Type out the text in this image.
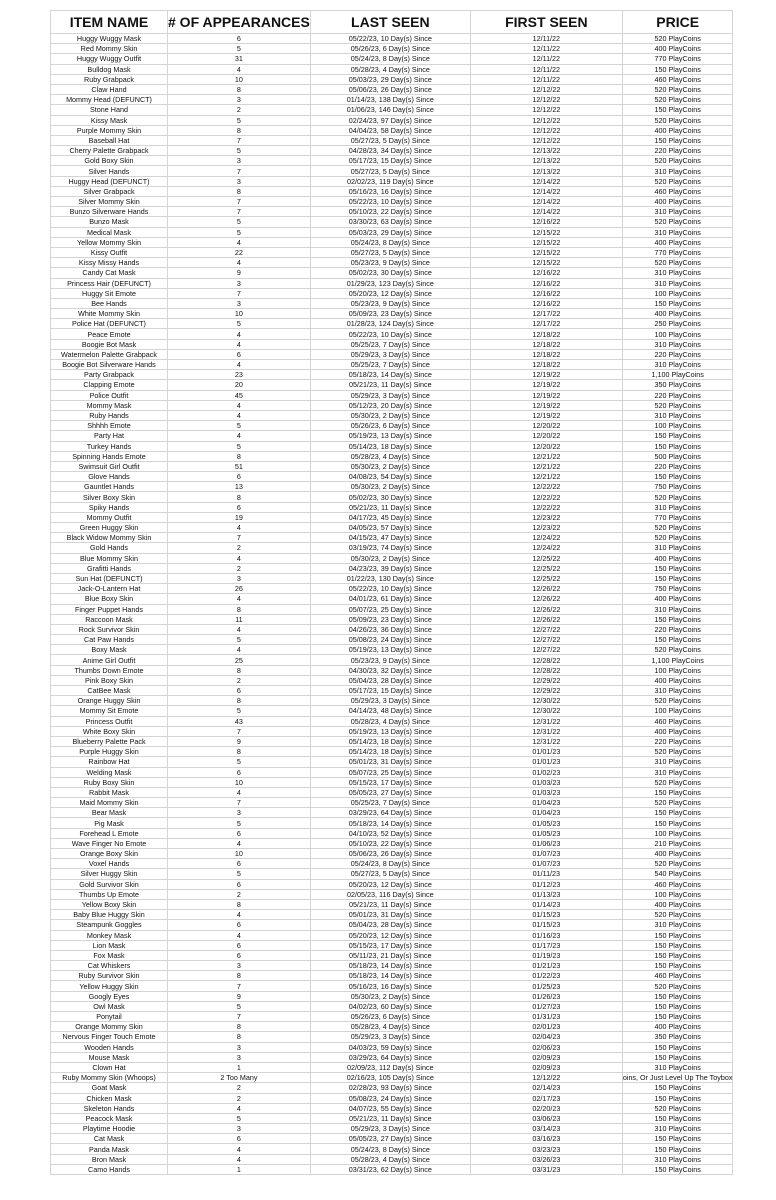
ITEM NAME	# OF APPEARANCES	LAST SEEN	FIRST SEEN	PRICE
Huggy Wuggy Mask	6	05/22/23, 10 Day(s) Since	12/11/22	520 PlayCoins
Red Mommy Skin	5	05/26/23, 6 Day(s) Since	12/11/22	400 PlayCoins
Huggy Wuggy Outfit	31	05/24/23, 8 Day(s) Since	12/11/22	770 PlayCoins
Bulldog Mask	4	05/28/23, 4 Day(s) Since	12/11/22	150 PlayCoins
Ruby Grabpack	10	05/03/23, 29 Day(s) Since	12/11/22	460 PlayCoins
Claw Hand	8	05/06/23, 26 Day(s) Since	12/12/22	520 PlayCoins
Mommy Head (DEFUNCT)	3	01/14/23, 138 Day(s) Since	12/12/22	520 PlayCoins
Stone Hand	2	01/06/23, 146 Day(s) Since	12/12/22	150 PlayCoins
Kissy Mask	5	02/24/23, 97 Day(s) Since	12/12/22	520 PlayCoins
Purple Mommy Skin	8	04/04/23, 58 Day(s) Since	12/12/22	400 PlayCoins
Baseball Hat	7	05/27/23, 5 Day(s) Since	12/12/22	150 PlayCoins
Cherry Palette Grabpack	5	04/28/23, 34 Day(s) Since	12/13/22	220 PlayCoins
Gold Boxy Skin	3	05/17/23, 15 Day(s) Since	12/13/22	520 PlayCoins
Silver Hands	7	05/27/23, 5 Day(s) Since	12/13/22	310 PlayCoins
Huggy Head (DEFUNCT)	3	02/02/23, 119 Day(s) Since	12/14/22	520 PlayCoins
Silver Grabpack	8	05/16/23, 16 Day(s) Since	12/14/22	460 PlayCoins
Silver Mommy Skin	7	05/22/23, 10 Day(s) Since	12/14/22	400 PlayCoins
Bunzo Silverware Hands	7	05/10/23, 22 Day(s) Since	12/14/22	310 PlayCoins
Bunzo Mask	5	03/30/23, 63 Day(s) Since	12/16/22	520 PlayCoins
Medical Mask	5	05/03/23, 29 Day(s) Since	12/15/22	310 PlayCoins
Yellow Mommy Skin	4	05/24/23, 8 Day(s) Since	12/15/22	400 PlayCoins
Kissy Outfit	22	05/27/23, 5 Day(s) Since	12/15/22	770 PlayCoins
Kissy Missy Hands	4	05/23/23, 9 Day(s) Since	12/15/22	520 PlayCoins
Candy Cat Mask	9	05/02/23, 30 Day(s) Since	12/16/22	310 PlayCoins
Princess Hair (DEFUNCT)	3	01/29/23, 123 Day(s) Since	12/16/22	310 PlayCoins
Huggy Sit Emote	7	05/20/23, 12 Day(s) Since	12/16/22	100 PlayCoins
Bee Hands	3	05/23/23, 9 Day(s) Since	12/16/22	150 PlayCoins
White Mommy Skin	10	05/09/23, 23 Day(s) Since	12/17/22	400 PlayCoins
Police Hat (DEFUNCT)	5	01/28/23, 124 Day(s) Since	12/17/22	250 PlayCoins
Peace Emote	4	05/22/23, 10 Day(s) Since	12/18/22	100 PlayCoins
Boogie Bot Mask	4	05/25/23, 7 Day(s) Since	12/18/22	310 PlayCoins
Watermelon Palette Grabpack	6	05/29/23, 3 Day(s) Since	12/18/22	220 PlayCoins
Boogie Bot Silverware Hands	4	05/25/23, 7 Day(s) Since	12/18/22	310 PlayCoins
Party Grabpack	23	05/18/23, 14 Day(s) Since	12/19/22	1,100 PlayCoins
Clapping Emote	20	05/21/23, 11 Day(s) Since	12/19/22	350 PlayCoins
Police Outfit	45	05/29/23, 3 Day(s) Since	12/19/22	220 PlayCoins
Mommy Mask	4	05/12/23, 20 Day(s) Since	12/19/22	520 PlayCoins
Ruby Hands	4	05/30/23, 2 Day(s) Since	12/19/22	310 PlayCoins
Shhhh Emote	5	05/26/23, 6 Day(s) Since	12/20/22	100 PlayCoins
Party Hat	4	05/19/23, 13 Day(s) Since	12/20/22	150 PlayCoins
Turkey Hands	5	05/14/23, 18 Day(s) Since	12/20/22	150 PlayCoins
Spinning Hands Emote	8	05/28/23, 4 Day(s) Since	12/21/22	500 PlayCoins
Swimsuit Girl Outfit	51	05/30/23, 2 Day(s) Since	12/21/22	220 PlayCoins
Glove Hands	6	04/08/23, 54 Day(s) Since	12/21/22	150 PlayCoins
Gauntlet Hands	13	05/30/23, 2 Day(s) Since	12/22/22	750 PlayCoins
Silver Boxy Skin	8	05/02/23, 30 Day(s) Since	12/22/22	520 PlayCoins
Spiky Hands	6	05/21/23, 11 Day(s) Since	12/22/22	310 PlayCoins
Mommy Outfit	19	04/17/23, 45 Day(s) Since	12/23/22	770 PlayCoins
Green Huggy Skin	4	04/05/23, 57 Day(s) Since	12/23/22	520 PlayCoins
Black Widow Mommy Skin	7	04/15/23, 47 Day(s) Since	12/24/22	520 PlayCoins
Gold Hands	2	03/19/23, 74 Day(s) Since	12/24/22	310 PlayCoins
Blue Mommy Skin	4	05/30/23, 2 Day(s) Since	12/25/22	400 PlayCoins
Grafitti Hands	2	04/23/23, 39 Day(s) Since	12/25/22	150 PlayCoins
Sun Hat (DEFUNCT)	3	01/22/23, 130 Day(s) Since	12/25/22	150 PlayCoins
Jack-O-Lantern Hat	26	05/22/23, 10 Day(s) Since	12/26/22	750 PlayCoins
Blue Boxy Skin	4	04/01/23, 61 Day(s) Since	12/26/22	400 PlayCoins
Finger Puppet Hands	8	05/07/23, 25 Day(s) Since	12/26/22	310 PlayCoins
Raccoon Mask	11	05/09/23, 23 Day(s) Since	12/26/22	150 PlayCoins
Rock Survivor Skin	4	04/26/23, 36 Day(s) Since	12/27/22	220 PlayCoins
Cat Paw Hands	5	05/08/23, 24 Day(s) Since	12/27/22	150 PlayCoins
Boxy Mask	4	05/19/23, 13 Day(s) Since	12/27/22	520 PlayCoins
Anime Girl Outfit	25	05/23/23, 9 Day(s) Since	12/28/22	1,100 PlayCoins
Thumbs Down Emote	8	04/30/23, 32 Day(s) Since	12/28/22	100 PlayCoins
Pink Boxy Skin	2	05/04/23, 28 Day(s) Since	12/29/22	400 PlayCoins
CatBee Mask	6	05/17/23, 15 Day(s) Since	12/29/22	310 PlayCoins
Orange Huggy Skin	8	05/29/23, 3 Day(s) Since	12/30/22	520 PlayCoins
Mommy Sit Emote	5	04/14/23, 48 Day(s) Since	12/30/22	100 PlayCoins
Princess Outfit	43	05/28/23, 4 Day(s) Since	12/31/22	460 PlayCoins
White Boxy Skin	7	05/19/23, 13 Day(s) Since	12/31/22	400 PlayCoins
Blueberry Palette Pack	9	05/14/23, 18 Day(s) Since	12/31/22	220 PlayCoins
Purple Huggy Skin	8	05/14/23, 18 Day(s) Since	01/01/23	520 PlayCoins
Rainbow Hat	5	05/01/23, 31 Day(s) Since	01/01/23	310 PlayCoins
Welding Mask	6	05/07/23, 25 Day(s) Since	01/02/23	310 PlayCoins
Ruby Boxy Skin	10	05/15/23, 17 Day(s) Since	01/03/23	520 PlayCoins
Rabbit Mask	4	05/05/23, 27 Day(s) Since	01/03/23	150 PlayCoins
Maid Mommy Skin	7	05/25/23, 7 Day(s) Since	01/04/23	520 PlayCoins
Bear Mask	3	03/29/23, 64 Day(s) Since	01/04/23	150 PlayCoins
Pig Mask	5	05/18/23, 14 Day(s) Since	01/05/23	150 PlayCoins
Forehead L Emote	6	04/10/23, 52 Day(s) Since	01/05/23	100 PlayCoins
Wave Finger No Emote	4	05/10/23, 22 Day(s) Since	01/06/23	210 PlayCoins
Orange Boxy Skin	10	05/06/23, 26 Day(s) Since	01/07/23	400 PlayCoins
Voxel Hands	6	05/24/23, 8 Day(s) Since	01/07/23	520 PlayCoins
Silver Huggy Skin	5	05/27/23, 5 Day(s) Since	01/11/23	540 PlayCoins
Gold Survivor Skin	6	05/20/23, 12 Day(s) Since	01/12/23	460 PlayCoins
Thumbs Up Emote	2	02/05/23, 116 Day(s) Since	01/13/23	100 PlayCoins
Yellow Boxy Skin	8	05/21/23, 11 Day(s) Since	01/14/23	400 PlayCoins
Baby Blue Huggy Skin	4	05/01/23, 31 Day(s) Since	01/15/23	520 PlayCoins
Steampunk Goggles	6	05/04/23, 28 Day(s) Since	01/15/23	310 PlayCoins
Monkey Mask	4	05/20/23, 12 Day(s) Since	01/16/23	150 PlayCoins
Lion Mask	6	05/15/23, 17 Day(s) Since	01/17/23	150 PlayCoins
Fox Mask	6	05/11/23, 21 Day(s) Since	01/19/23	150 PlayCoins
Cat Whiskers	3	05/18/23, 14 Day(s) Since	01/21/23	150 PlayCoins
Ruby Survivor Skin	8	05/18/23, 14 Day(s) Since	01/22/23	460 PlayCoins
Yellow Huggy Skin	7	05/16/23, 16 Day(s) Since	01/25/23	520 PlayCoins
Googly Eyes	9	05/30/23, 2 Day(s) Since	01/26/23	150 PlayCoins
Owl Mask	5	04/02/23, 60 Day(s) Since	01/27/23	150 PlayCoins
Ponytail	7	05/26/23, 6 Day(s) Since	01/31/23	150 PlayCoins
Orange Mommy Skin	8	05/28/23, 4 Day(s) Since	02/01/23	400 PlayCoins
Nervous Finger Touch Emote	8	05/29/23, 3 Day(s) Since	02/04/23	350 PlayCoins
Wooden Hands	3	04/03/23, 59 Day(s) Since	02/06/23	150 PlayCoins
Mouse Mask	3	03/29/23, 64 Day(s) Since	02/09/23	150 PlayCoins
Clown Hat	1	02/09/23, 112 Day(s) Since	02/09/23	310 PlayCoins
Ruby Mommy Skin (Whoops)	2 Too Many	02/16/23, 105 Day(s) Since	12/12/22	oins, Or Just Level Up The Toybox
Goat Mask	2	02/28/23, 93 Day(s) Since	02/14/23	150 PlayCoins
Chicken Mask	2	05/08/23, 24 Day(s) Since	02/17/23	150 PlayCoins
Skeleton Hands	4	04/07/23, 55 Day(s) Since	02/20/23	520 PlayCoins
Peacock Mask	5	05/21/23, 11 Day(s) Since	03/06/23	150 PlayCoins
Playtime Hoodie	3	05/29/23, 3 Day(s) Since	03/14/23	310 PlayCoins
Cat Mask	6	05/05/23, 27 Day(s) Since	03/16/23	150 PlayCoins
Panda Mask	4	05/24/23, 8 Day(s) Since	03/23/23	150 PlayCoins
Bron Mask	4	05/28/23, 4 Day(s) Since	03/26/23	310 PlayCoins
Camo Hands	1	03/31/23, 62 Day(s) Since	03/31/23	150 PlayCoins
